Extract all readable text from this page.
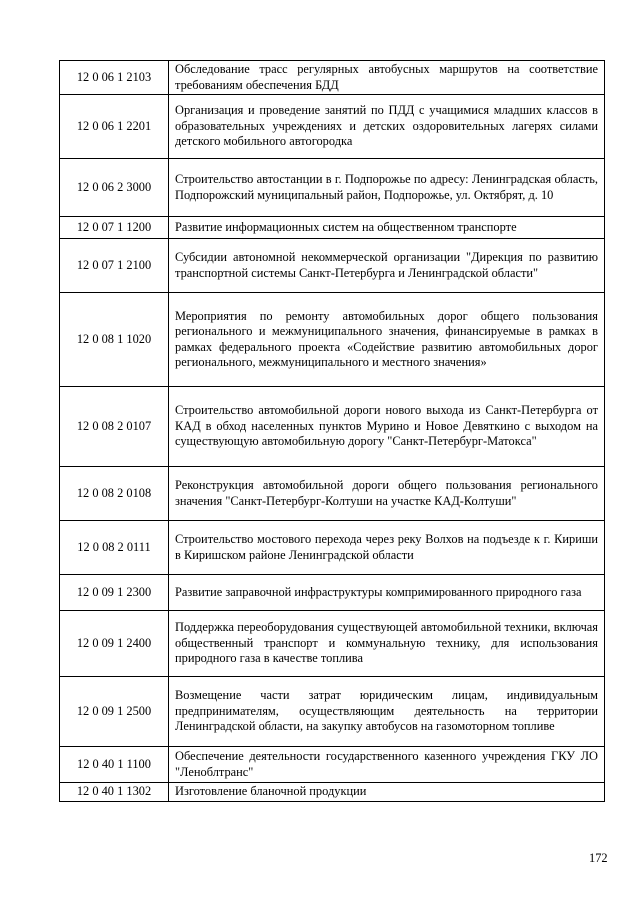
12 0 06 1 2103	Обследование трасс регулярных автобусных маршрутов на соответствие требованиям обеспечения БДД
12 0 06 1 2201	Организация и проведение занятий по ПДД с учащимися младших классов в образовательных учреждениях и детских оздоровительных лагерях силами детского мобильного автогородка
12 0 06 2 3000	Строительство автостанции в г. Подпорожье по адресу: Ленинградская область, Подпорожский муниципальный район, Подпорожье, ул. Октябрят, д. 10
12 0 07 1 1200	Развитие информационных систем на общественном транспорте
12 0 07 1 2100	Субсидии автономной некоммерческой организации "Дирекция по развитию транспортной системы Санкт-Петербурга и Ленинградской области"
12 0 08 1 1020	Мероприятия по ремонту автомобильных дорог общего пользования регионального и межмуниципального значения, финансируемые в рамках в рамках федерального проекта «Содействие развитию автомобильных дорог регионального, межмуниципального и местного значения»
12 0 08 2 0107	Строительство автомобильной дороги нового выхода из Санкт-Петербурга от КАД в обход населенных пунктов Мурино и Новое Девяткино с выходом на существующую автомобильную дорогу "Санкт-Петербург-Матокса"
12 0 08 2 0108	Реконструкция автомобильной дороги общего пользования регионального значения "Санкт-Петербург-Колтуши на участке КАД-Колтуши"
12 0 08 2 0111	Строительство мостового перехода через реку Волхов на подъезде к г. Кириши в Киришском районе Ленинградской области
12 0 09 1 2300	Развитие заправочной инфраструктуры компримированного природного газа
12 0 09 1 2400	Поддержка переоборудования существующей автомобильной техники, включая общественный транспорт и коммунальную технику, для использования природного газа в качестве топлива
12 0 09 1 2500	Возмещение части затрат юридическим лицам, индивидуальным предпринимателям, осуществляющим деятельность на территории Ленинградской области, на закупку автобусов на газомоторном топливе
12 0 40 1 1100	Обеспечение деятельности государственного казенного учреждения ГКУ ЛО "Леноблтранс"
12 0 40 1 1302	Изготовление бланочной продукции
172
